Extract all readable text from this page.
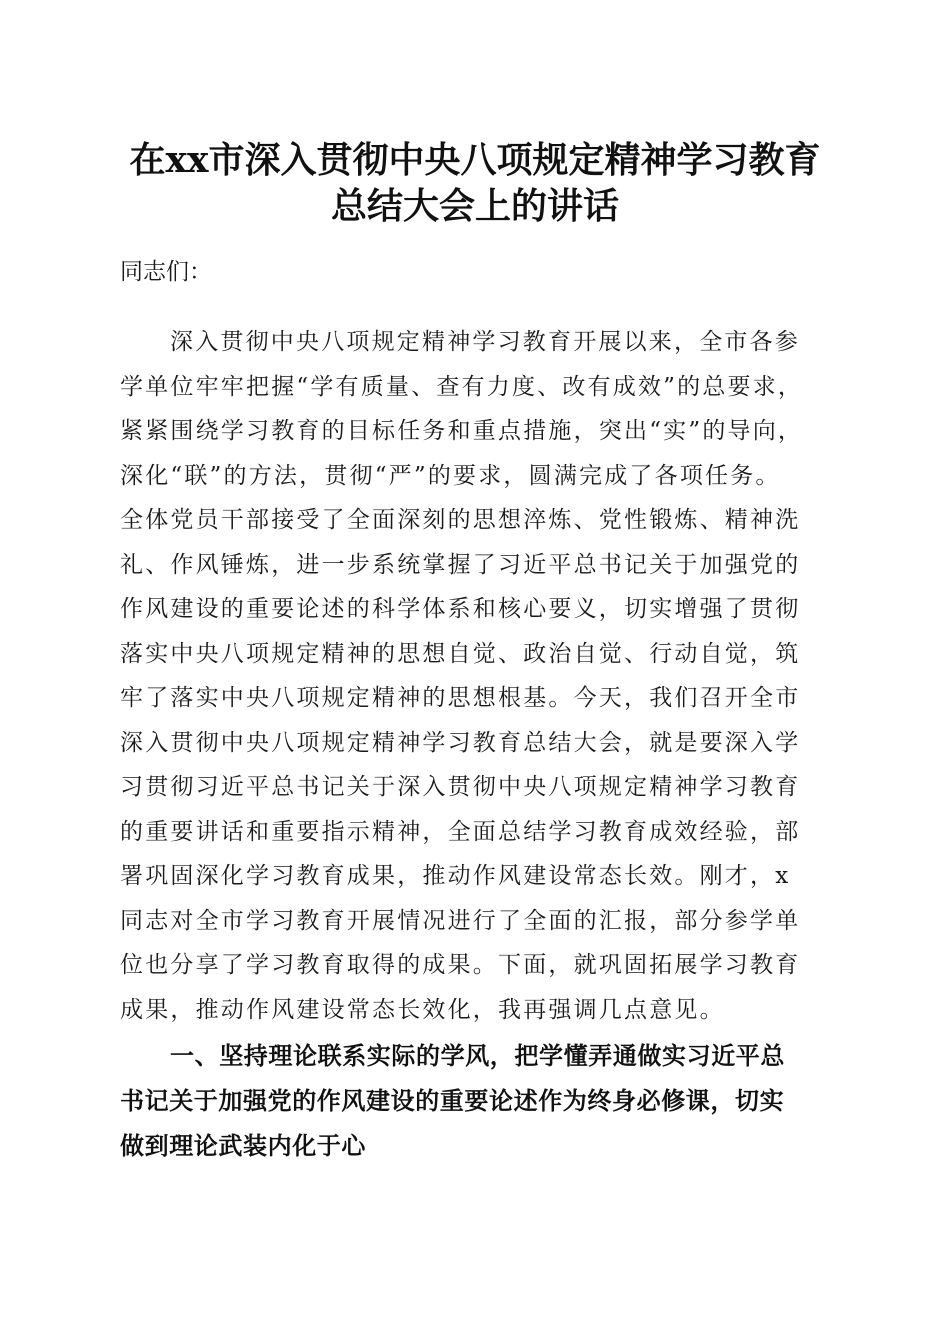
在xx市深入贯彻中央八项规定精神学习教育
总结大会上的讲话
同志们：
深入贯彻中央八项规定精神学习教育开展以来，全市各参
学单位牢牢把握“学有质量、查有力度、改有成效”的总要求，
紧紧围绕学习教育的目标任务和重点措施，突出“实”的导向，
深化“联”的方法，贯彻“严”的要求，圆满完成了各项任务。
全体党员干部接受了全面深刻的思想淬炼、党性锻炼、精神洗
礼、作风锤炼，进一步系统掌握了习近平总书记关于加强党的
作风建设的重要论述的科学体系和核心要义，切实增强了贯彻
落实中央八项规定精神的思想自觉、政治自觉、行动自觉，筑
牢了落实中央八项规定精神的思想根基。今天，我们召开全市
深入贯彻中央八项规定精神学习教育总结大会，就是要深入学
习贯彻习近平总书记关于深入贯彻中央八项规定精神学习教育
的重要讲话和重要指示精神，全面总结学习教育成效经验，部
署巩固深化学习教育成果，推动作风建设常态长效。刚才，x
同志对全市学习教育开展情况进行了全面的汇报，部分参学单
位也分享了学习教育取得的成果。下面，就巩固拓展学习教育
成果，推动作风建设常态长效化，我再强调几点意见。
一、坚持理论联系实际的学风，把学懂弄通做实习近平总
书记关于加强党的作风建设的重要论述作为终身必修课，切实
做到理论武装内化于心
